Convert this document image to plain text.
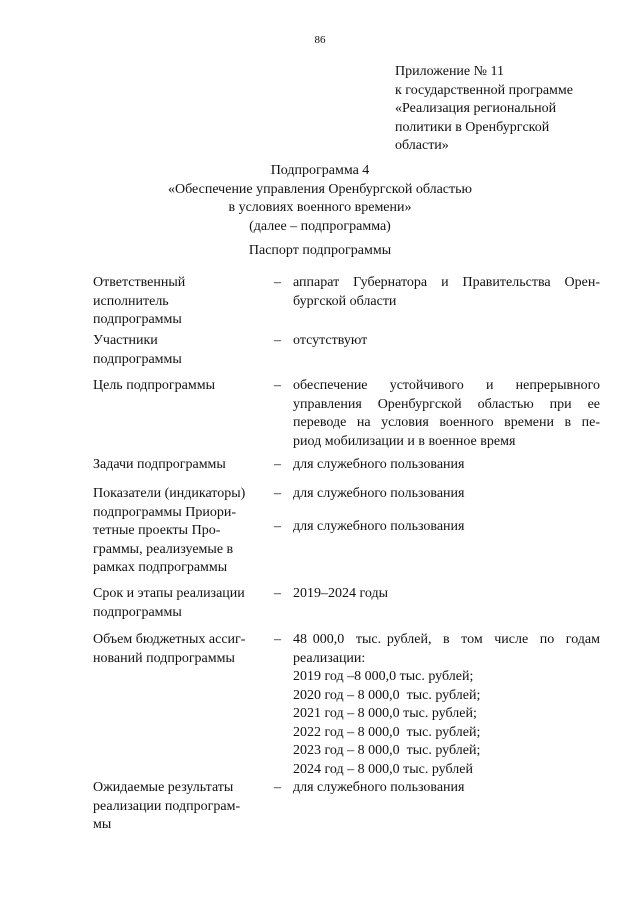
86
Приложение № 11
к государственной программе
«Реализация региональной
политики в Оренбургской
области»
Подпрограмма 4
«Обеспечение управления Оренбургской областью
в условиях военного времени»
(далее – подпрограмма)
Паспорт подпрограммы
Ответственный
исполнитель
подпрограммы
– аппарат Губернатора и Правительства Орен-
бургской области
Участники
подпрограммы
– отсутствуют
Цель подпрограммы	– обеспечение устойчивого и непрерывного
управления Оренбургской областью при ее
переводе на условия военного времени в пе-
риод мобилизации и в военное время
Задачи подпрограммы	– для служебного пользования
Показатели (индикаторы)
подпрограммы Приори-
тетные проекты Про-
граммы, реализуемые в
рамках подпрограммы
– для служебного пользования
– для служебного пользования
Срок и этапы реализации
подпрограммы
– 2019–2024 годы
Объем бюджетных ассиг-
нований подпрограммы
– 48 000,0  тыс. рублей,  в  том  числе  по  годам
реализации:
2019 год –8 000,0 тыс. рублей;
2020 год – 8 000,0  тыс. рублей;
2021 год – 8 000,0 тыс. рублей;
2022 год – 8 000,0  тыс. рублей;
2023 год – 8 000,0  тыс. рублей;
2024 год – 8 000,0 тыс. рублей
Ожидаемые результаты
реализации подпрограм-
мы
– для служебного пользования
